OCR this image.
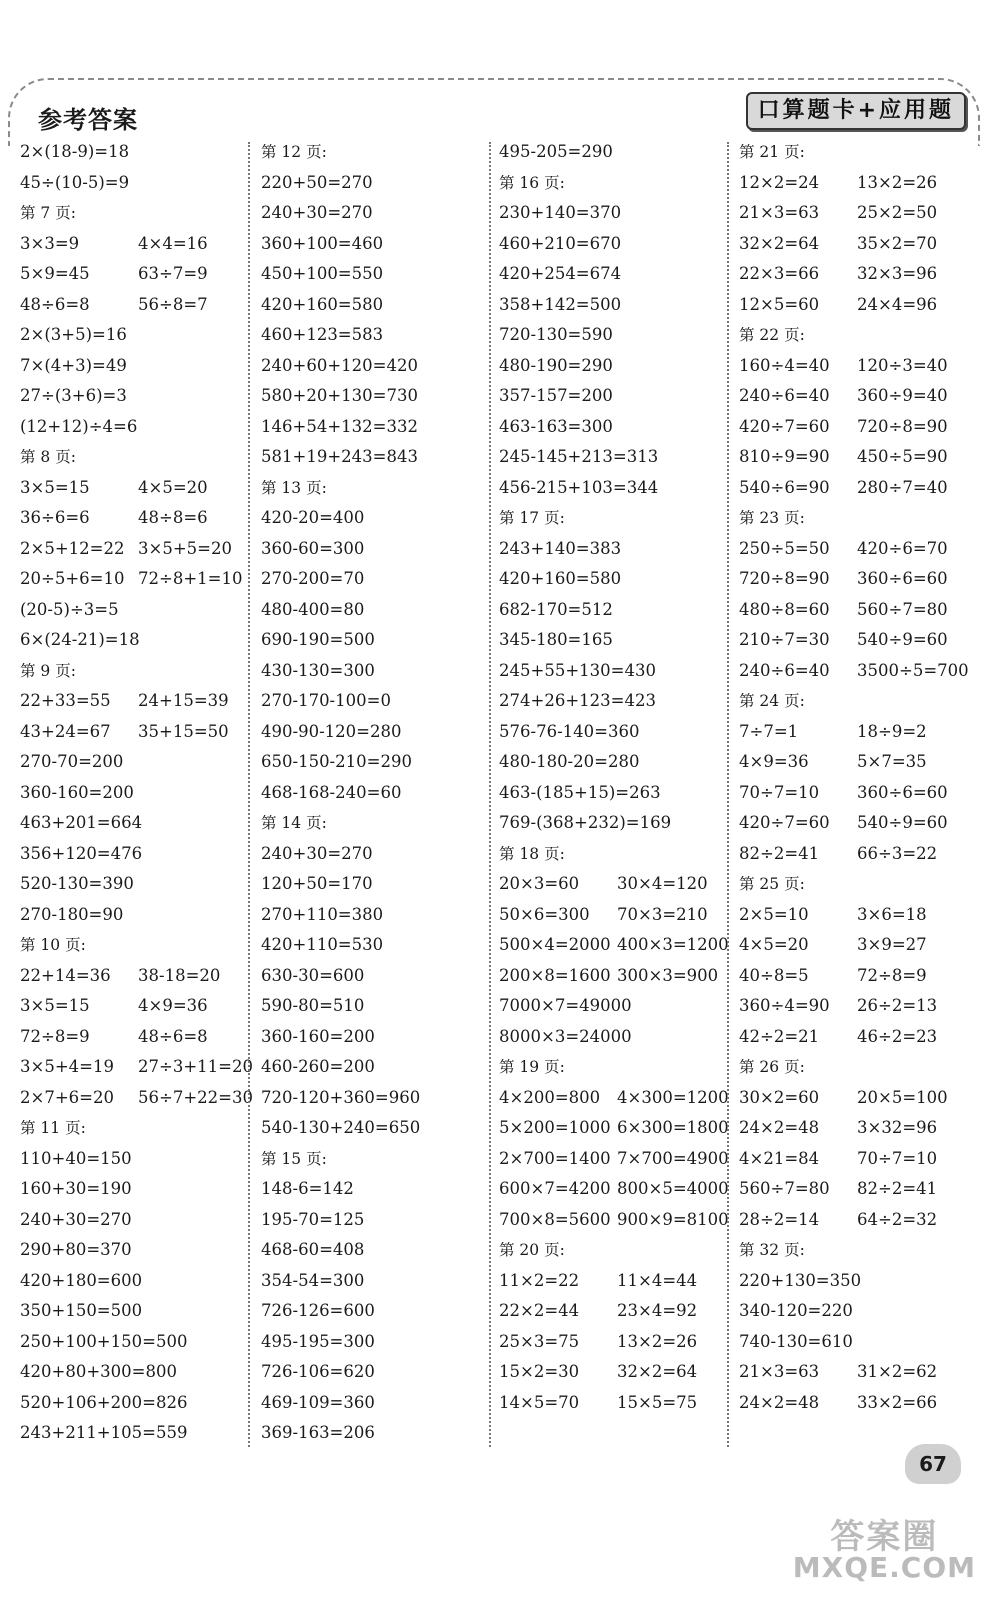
参考答案	口算题卡+应用题
2×(18-9)=18
45÷(10-5)=9
第 7 页:
3×3=9	4×4=16
5×9=45	63÷7=9
48÷6=8	56÷8=7
2×(3+5)=16
7×(4+3)=49
27÷(3+6)=3
(12+12)÷4=6
第 8 页:
3×5=15	4×5=20
36÷6=6	48÷8=6
2×5+12=22 3×5+5=20
20÷5+6=10 72÷8+1=10
(20-5)÷3=5
6×(24-21)=18
第 9 页:
22+33=55 24+15=39
43+24=67 35+15=50
270-70=200
360-160=200
463+201=664
356+120=476
520-130=390
270-180=90
第 10 页:
22+14=36 38-18=20
3×5=15	4×9=36
72÷8=9	48÷6=8
3×5+4=19 27÷3+11=20
2×7+6=20 56÷7+22=30
第 11 页:
110+40=150
160+30=190
240+30=270
290+80=370
420+180=600
350+150=500
250+100+150=500
420+80+300=800
520+106+200=826
243+211+105=559
第 12 页:
220+50=270
240+30=270
360+100=460
450+100=550
420+160=580
460+123=583
240+60+120=420
580+20+130=730
146+54+132=332
581+19+243=843
第 13 页:
420-20=400
360-60=300
270-200=70
480-400=80
690-190=500
430-130=300
270-170-100=0
490-90-120=280
650-150-210=290
468-168-240=60
第 14 页:
240+30=270
120+50=170
270+110=380
420+110=530
630-30=600
590-80=510
360-160=200
460-260=200
720-120+360=960
540-130+240=650
第 15 页:
148-6=142
195-70=125
468-60=408
354-54=300
726-126=600
495-195=300
726-106=620
469-109=360
369-163=206
495-205=290
第 16 页:
230+140=370
460+210=670
420+254=674
358+142=500
720-130=590
480-190=290
357-157=200
463-163=300
245-145+213=313
456-215+103=344
第 17 页:
243+140=383
420+160=580
682-170=512
345-180=165
245+55+130=430
274+26+123=423
576-76-140=360
480-180-20=280
463-(185+15)=263
769-(368+232)=169
第 18 页:
20×3=60 30×4=120
50×6=300 70×3=210
500×4=2000 400×3=1200
200×8=1600 300×3=900
7000×7=49000
8000×3=24000
第 19 页:
4×200=800 4×300=1200
5×200=1000 6×300=1800
2×700=1400 7×700=4900
600×7=4200 800×5=4000
700×8=5600 900×9=8100
第 20 页:
11×2=22 11×4=44
22×2=44 23×4=92
25×3=75 13×2=26
15×2=30 32×2=64
14×5=70 15×5=75
第 21 页:
12×2=24 13×2=26
21×3=63 25×2=50
32×2=64 35×2=70
22×3=66 32×3=96
12×5=60 24×4=96
第 22 页:
160÷4=40 120÷3=40
240÷6=40 360÷9=40
420÷7=60 720÷8=90
810÷9=90 450÷5=90
540÷6=90 280÷7=40
第 23 页:
250÷5=50 420÷6=70
720÷8=90 360÷6=60
480÷8=60 560÷7=80
210÷7=30 540÷9=60
240÷6=40 3500÷5=700
第 24 页:
7÷7=1	18÷9=2
4×9=36	5×7=35
70÷7=10 360÷6=60
420÷7=60 540÷9=60
82÷2=41 66÷3=22
第 25 页:
2×5=10	3×6=18
4×5=20	3×9=27
40÷8=5	72÷8=9
360÷4=90 26÷2=13
42÷2=21 46÷2=23
第 26 页:
30×2=60 20×5=100
24×2=48 3×32=96
4×21=84 70÷7=10
560÷7=80 82÷2=41
28÷2=14 64÷2=32
第 32 页:
220+130=350
340-120=220
740-130=610
21×3=63 31×2=62
24×2=48 33×2=66
67
答案圈
MXQE.COM
